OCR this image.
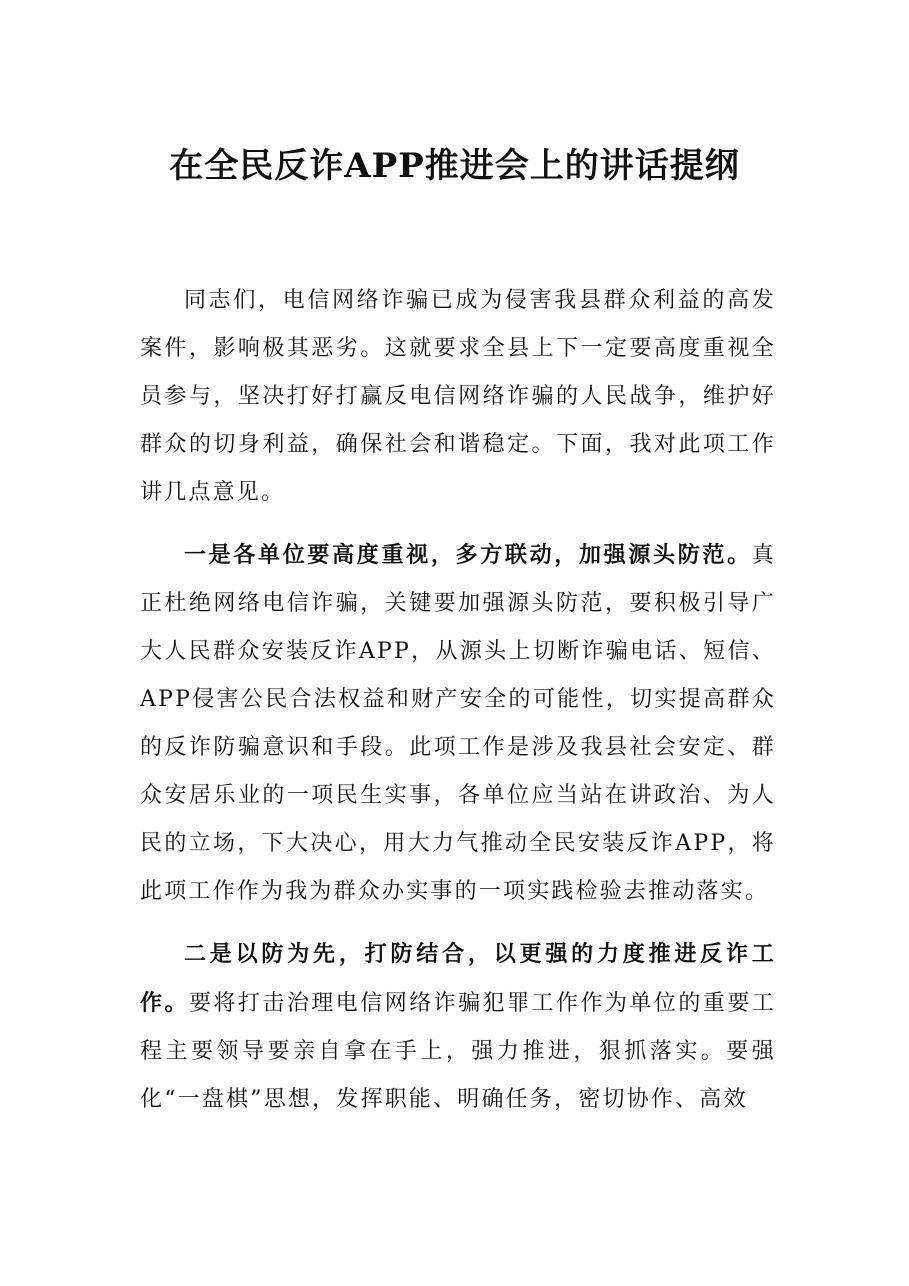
在全民反诈APP推进会上的讲话提纲

同志们，电信网络诈骗已成为侵害我县群众利益的高发案件，影响极其恶劣。这就要求全县上下一定要高度重视全员参与，坚决打好打赢反电信网络诈骗的人民战争，维护好群众的切身利益，确保社会和谐稳定。下面，我对此项工作讲几点意见。

一是各单位要高度重视，多方联动，加强源头防范。真正杜绝网络电信诈骗，关键要加强源头防范，要积极引导广大人民群众安装反诈APP，从源头上切断诈骗电话、短信、APP侵害公民合法权益和财产安全的可能性，切实提高群众的反诈防骗意识和手段。此项工作是涉及我县社会安定、群众安居乐业的一项民生实事，各单位应当站在讲政治、为人民的立场，下大决心，用大力气推动全民安装反诈APP，将此项工作作为我为群众办实事的一项实践检验去推动落实。

二是以防为先，打防结合，以更强的力度推进反诈工作。要将打击治理电信网络诈骗犯罪工作作为单位的重要工程主要领导要亲自拿在手上，强力推进，狠抓落实。要强化“一盘棋”思想，发挥职能、明确任务，密切协作、高效
